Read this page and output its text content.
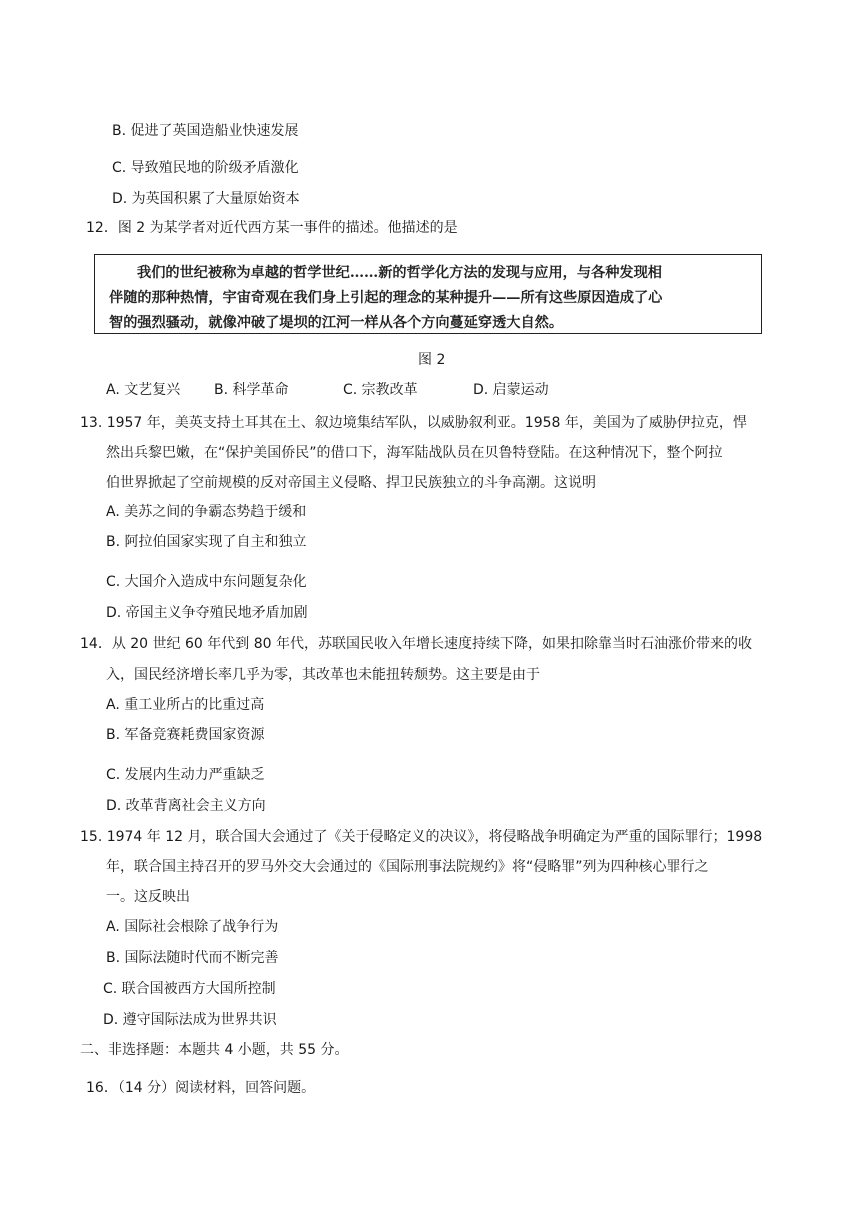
B. 促进了英国造船业快速发展
C. 导致殖民地的阶级矛盾激化
D. 为英国积累了大量原始资本
12．图 2 为某学者对近代西方某一事件的描述。他描述的是
我们的世纪被称为卓越的哲学世纪……新的哲学化方法的发现与应用，与各种发现相
伴随的那种热情，宇宙奇观在我们身上引起的理念的某种提升——所有这些原因造成了心
智的强烈骚动，就像冲破了堤坝的江河一样从各个方向蔓延穿透大自然。
图 2
A. 文艺复兴 B. 科学革命	C. 宗教改革	D. 启蒙运动
13. 1957 年，美英支持土耳其在土、叙边境集结军队，以威胁叙利亚。1958 年，美国为了威胁伊拉克，悍
然出兵黎巴嫩，在“保护美国侨民”的借口下，海军陆战队员在贝鲁特登陆。在这种情况下，整个阿拉
伯世界掀起了空前规模的反对帝国主义侵略、捍卫民族独立的斗争高潮。这说明
A. 美苏之间的争霸态势趋于缓和
B. 阿拉伯国家实现了自主和独立
C. 大国介入造成中东问题复杂化
D. 帝国主义争夺殖民地矛盾加剧
14．从 20 世纪 60 年代到 80 年代，苏联国民收入年增长速度持续下降，如果扣除靠当时石油涨价带来的收
入，国民经济增长率几乎为零，其改革也未能扭转颓势。这主要是由于
A. 重工业所占的比重过高
B. 军备竞赛耗费国家资源
C. 发展内生动力严重缺乏
D. 改革背离社会主义方向
15. 1974 年 12 月，联合国大会通过了《关于侵略定义的决议》，将侵略战争明确定为严重的国际罪行；1998
年，联合国主持召开的罗马外交大会通过的《国际刑事法院规约》将“侵略罪”列为四种核心罪行之
一。这反映出
A. 国际社会根除了战争行为
B. 国际法随时代而不断完善
C. 联合国被西方大国所控制
D. 遵守国际法成为世界共识
二、非选择题：本题共 4 小题，共 55 分。
16．（14 分）阅读材料，回答问题。
